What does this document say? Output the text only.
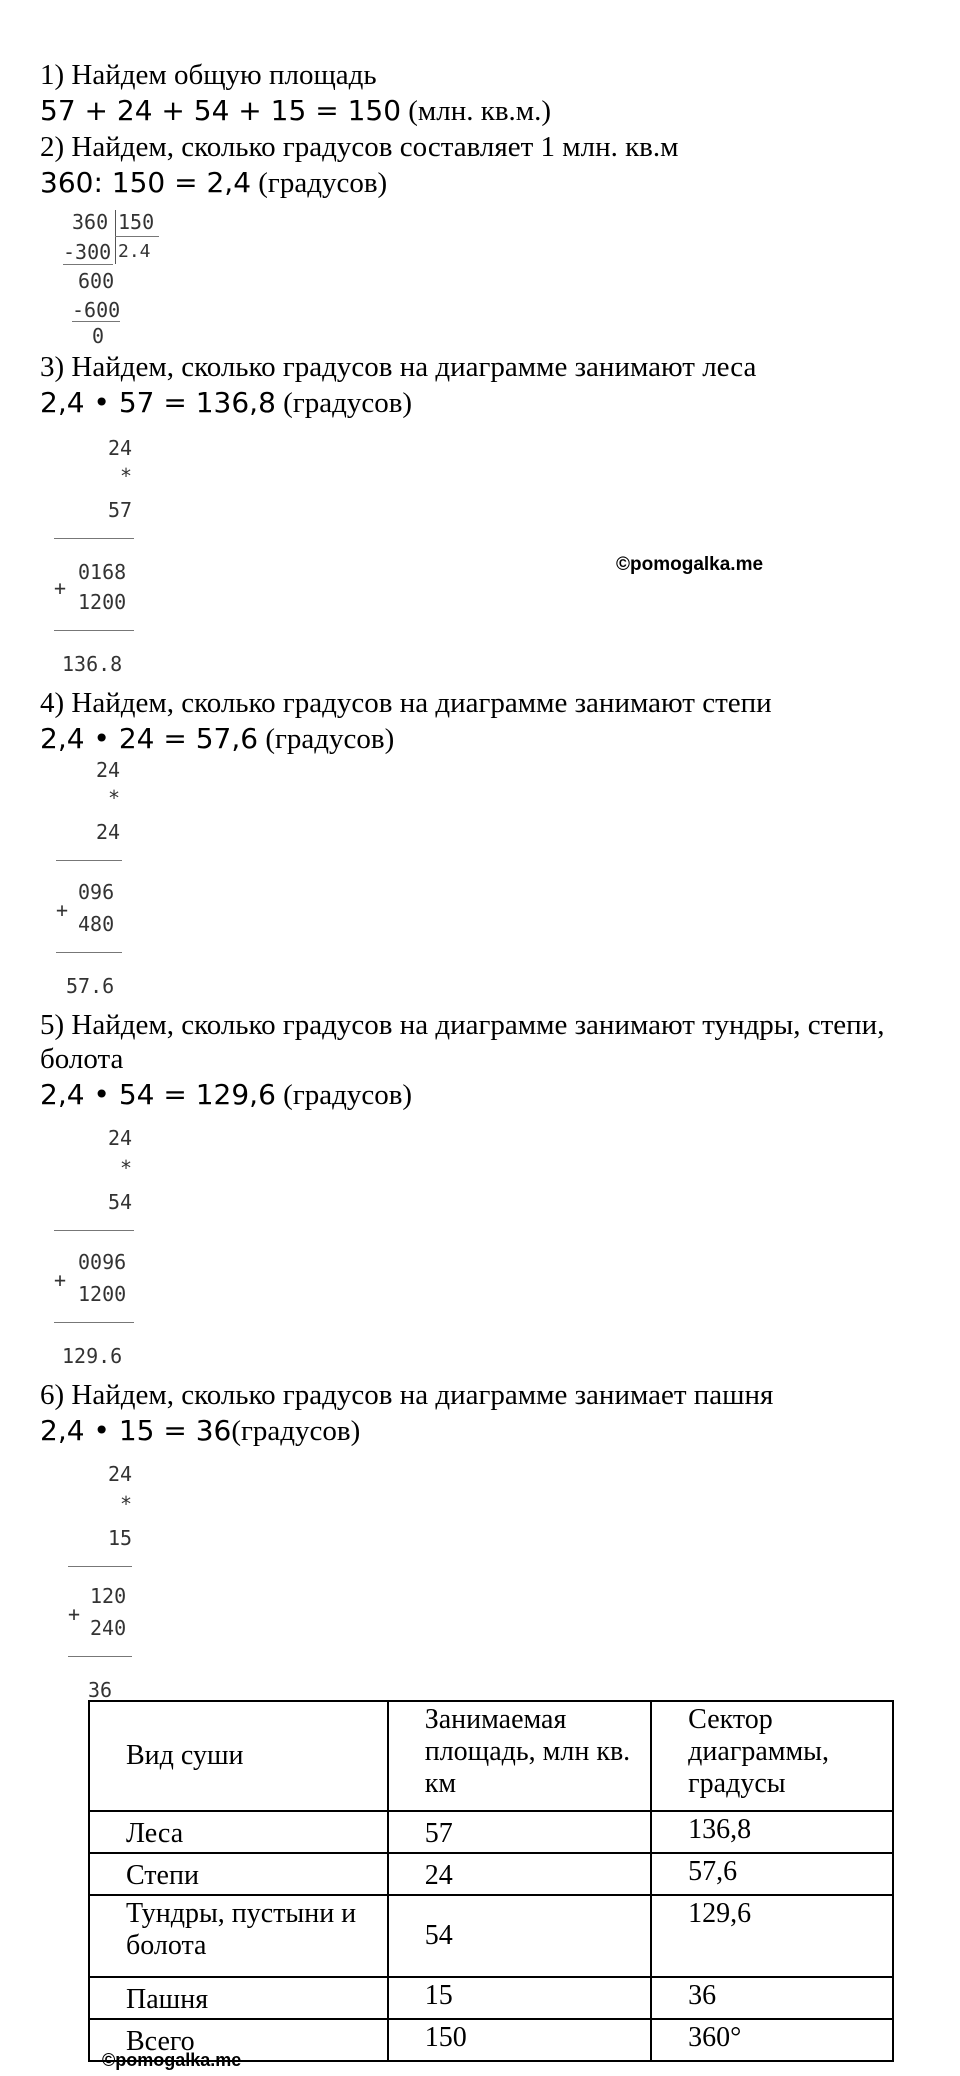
1) Найдем общую площадь
57 + 24 + 54 + 15 = 150 (млн. кв.м.)
2) Найдем, сколько градусов составляет 1 млн. кв.м
360: 150 = 2,4 (градусов)
360 150
-300 2.4
600
-600
0
3) Найдем, сколько градусов на диаграмме занимают леса
2,4 • 57 = 136,8 (градусов)
24
*
57
+
0168
1200
136.8
©pomogalka.me
4) Найдем, сколько градусов на диаграмме занимают степи
2,4 • 24 = 57,6 (градусов)
24
*
24
+
096
480
57.6
5) Найдем, сколько градусов на диаграмме занимают тундры, степи,
болота
2,4 • 54 = 129,6 (градусов)
24
*
54
+
0096
1200
129.6
6) Найдем, сколько градусов на диаграмме занимает пашня
2,4 • 15 = 36(градусов)
24
*
15
+
120
240
36
Вид суши	Занимаемая площадь, млн кв. км	Сектор диаграммы, градусы
Леса	57	136,8
Степи	24	57,6
Тундры, пустыни и болота	54	129,6
Пашня	15	36
Всего	150	360°
©pomogalka.me
